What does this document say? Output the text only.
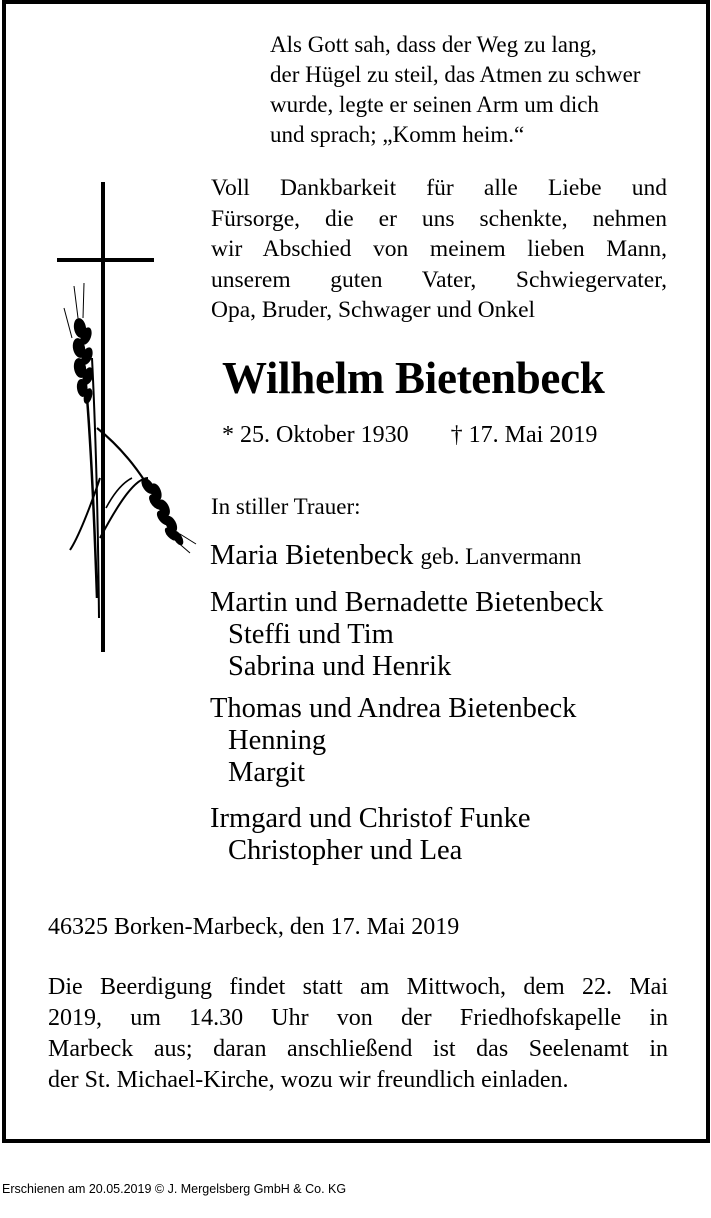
Als Gott sah, dass der Weg zu lang,
der Hügel zu steil, das Atmen zu schwer
wurde, legte er seinen Arm um dich
und sprach; „Komm heim.“
Voll Dankbarkeit für alle Liebe und
Fürsorge, die er uns schenkte, nehmen
wir Abschied von meinem lieben Mann,
unserem guten Vater, Schwiegervater,
Opa, Bruder, Schwager und Onkel
Wilhelm Bietenbeck
* 25. Oktober 1930 † 17. Mai 2019
In stiller Trauer:
Maria Bietenbeck geb. Lanvermann
Martin und Bernadette Bietenbeck
Steffi und Tim
Sabrina und Henrik
Thomas und Andrea Bietenbeck
Henning
Margit
Irmgard und Christof Funke
Christopher und Lea
46325 Borken-Marbeck, den 17. Mai 2019
Die Beerdigung findet statt am Mittwoch, dem 22. Mai
2019, um 14.30 Uhr von der Friedhofskapelle in
Marbeck aus; daran anschließend ist das Seelenamt in
der St. Michael-Kirche, wozu wir freundlich einladen.
Erschienen am 20.05.2019 © J. Mergelsberg GmbH & Co. KG
